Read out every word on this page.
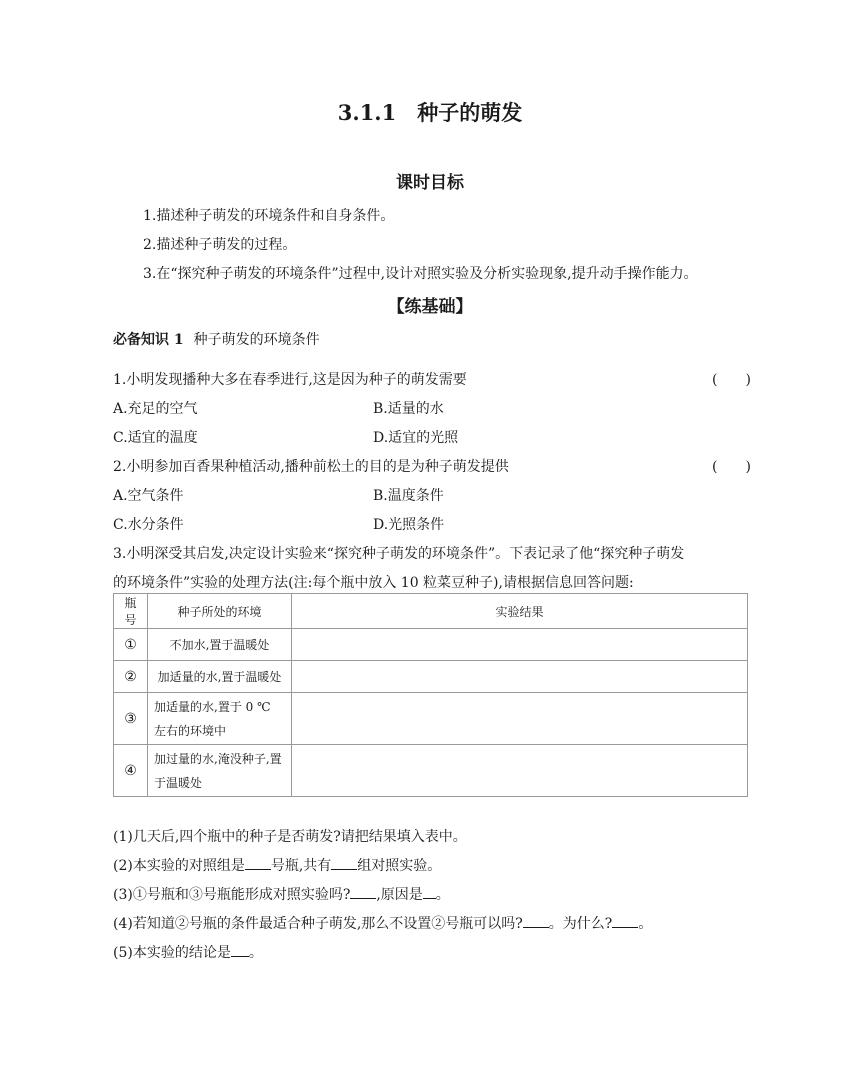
3.1.1　种子的萌发
课时目标
1.描述种子萌发的环境条件和自身条件。
2.描述种子萌发的过程。
3.在“探究种子萌发的环境条件”过程中,设计对照实验及分析实验现象,提升动手操作能力。
【练基础】
必备知识 1 种子萌发的环境条件
1.小明发现播种大多在春季进行,这是因为种子的萌发需要	(　　)
A.充足的空气	B.适量的水
C.适宜的温度	D.适宜的光照
2.小明参加百香果种植活动,播种前松土的目的是为种子萌发提供	(　　)
A.空气条件	B.温度条件
C.水分条件	D.光照条件
3.小明深受其启发,决定设计实验来“探究种子萌发的环境条件”。下表记录了他“探究种子萌发
的环境条件”实验的处理方法(注:每个瓶中放入 10 粒菜豆种子),请根据信息回答问题:
瓶号	种子所处的环境	实验结果
①	不加水,置于温暖处	
②	加适量的水,置于温暖处	
③	加适量的水,置于 0 ℃左右的环境中	

④	加过量的水,淹没种子,置于温暖处	

(1)几天后,四个瓶中的种子是否萌发?请把结果填入表中。
(2)本实验的对照组是 号瓶,共有 组对照实验。
(3)①号瓶和③号瓶能形成对照实验吗? ,原因是 。
(4)若知道②号瓶的条件最适合种子萌发,那么不设置②号瓶可以吗? 。为什么? 。
(5)本实验的结论是 。
